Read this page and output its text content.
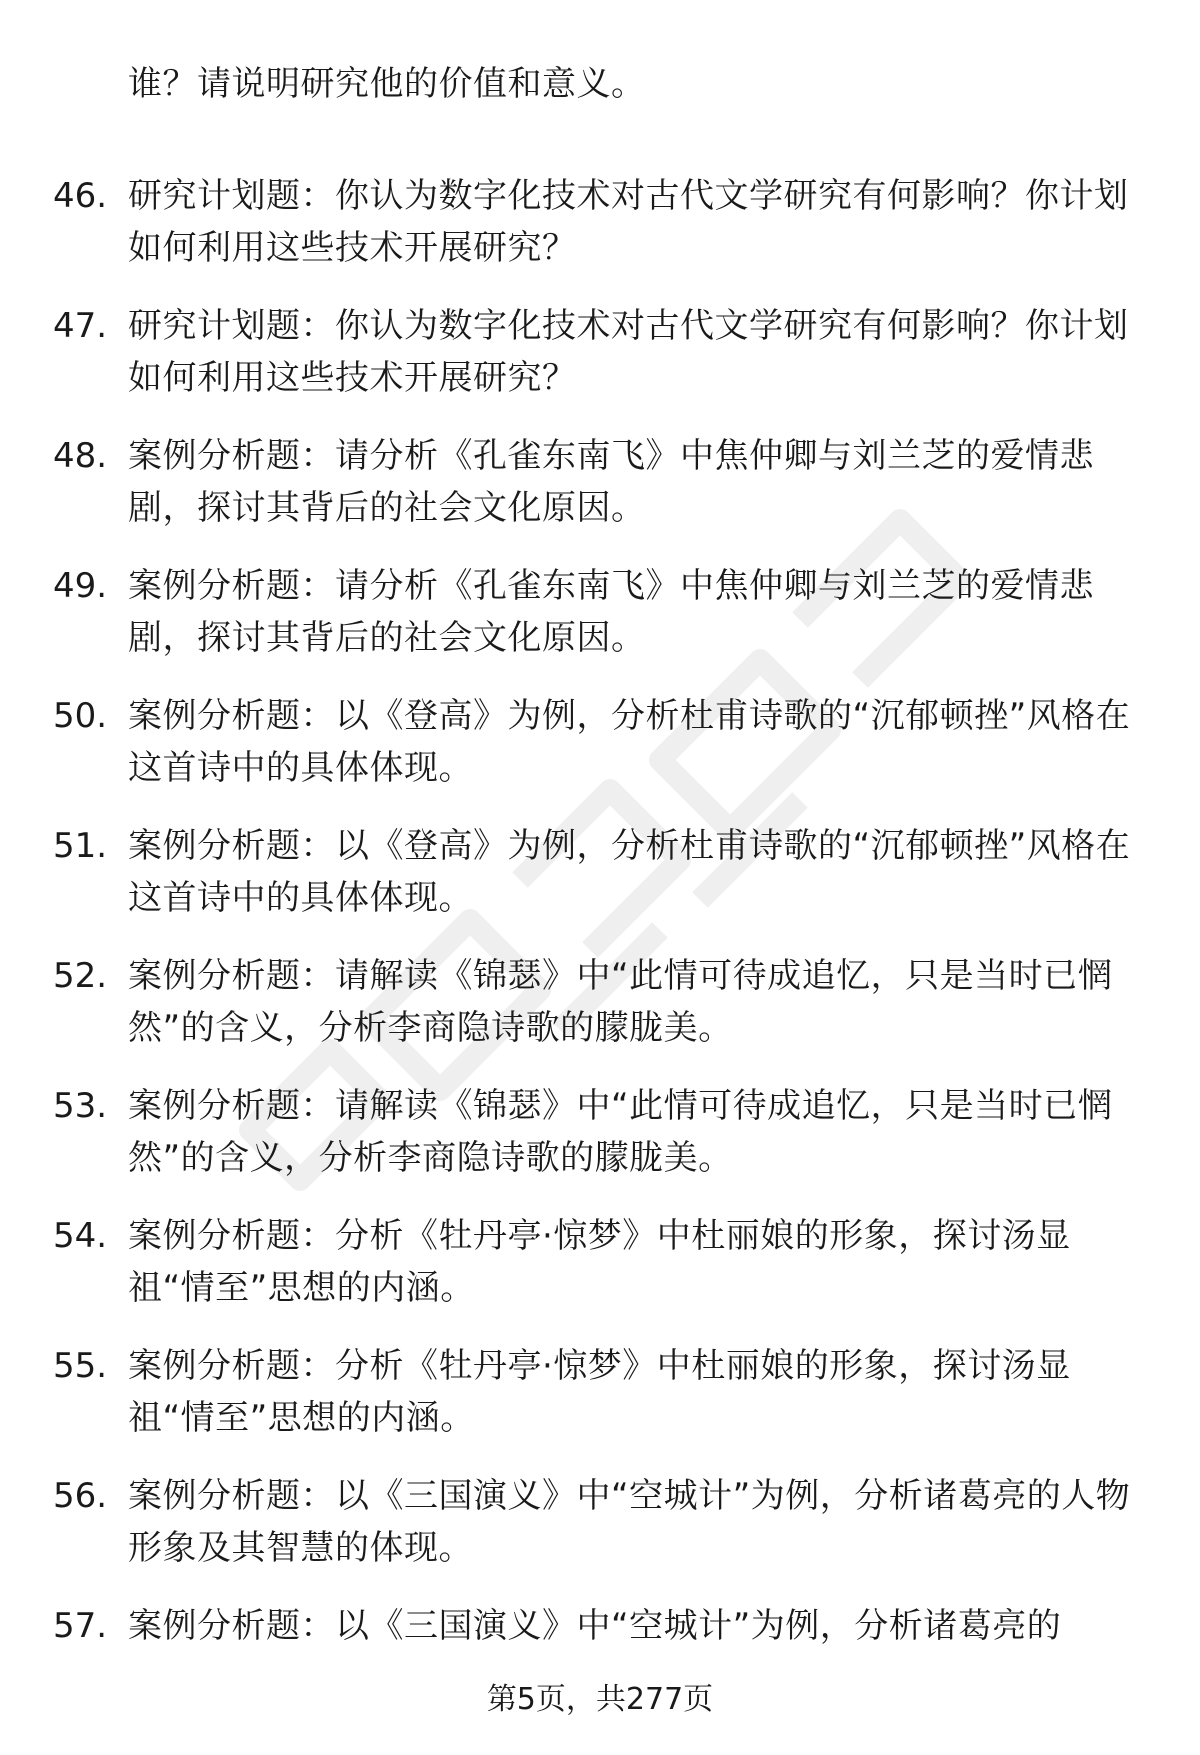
谁？请说明研究他的价值和意义。
46. 研究计划题：你认为数字化技术对古代文学研究有何影响？你计划如何利用这些技术开展研究？
47. 研究计划题：你认为数字化技术对古代文学研究有何影响？你计划如何利用这些技术开展研究？
48. 案例分析题：请分析《孔雀东南飞》中焦仲卿与刘兰芝的爱情悲剧，探讨其背后的社会文化原因。
49. 案例分析题：请分析《孔雀东南飞》中焦仲卿与刘兰芝的爱情悲剧，探讨其背后的社会文化原因。
50. 案例分析题：以《登高》为例，分析杜甫诗歌的“沉郁顿挫”风格在这首诗中的具体体现。
51. 案例分析题：以《登高》为例，分析杜甫诗歌的“沉郁顿挫”风格在这首诗中的具体体现。
52. 案例分析题：请解读《锦瑟》中“此情可待成追忆，只是当时已惘然”的含义，分析李商隐诗歌的朦胧美。
53. 案例分析题：请解读《锦瑟》中“此情可待成追忆，只是当时已惘然”的含义，分析李商隐诗歌的朦胧美。
54. 案例分析题：分析《牡丹亭·惊梦》中杜丽娘的形象，探讨汤显祖“情至”思想的内涵。
55. 案例分析题：分析《牡丹亭·惊梦》中杜丽娘的形象，探讨汤显祖“情至”思想的内涵。
56. 案例分析题：以《三国演义》中“空城计”为例，分析诸葛亮的人物形象及其智慧的体现。
57. 案例分析题：以《三国演义》中“空城计”为例，分析诸葛亮的
第5页，共277页
